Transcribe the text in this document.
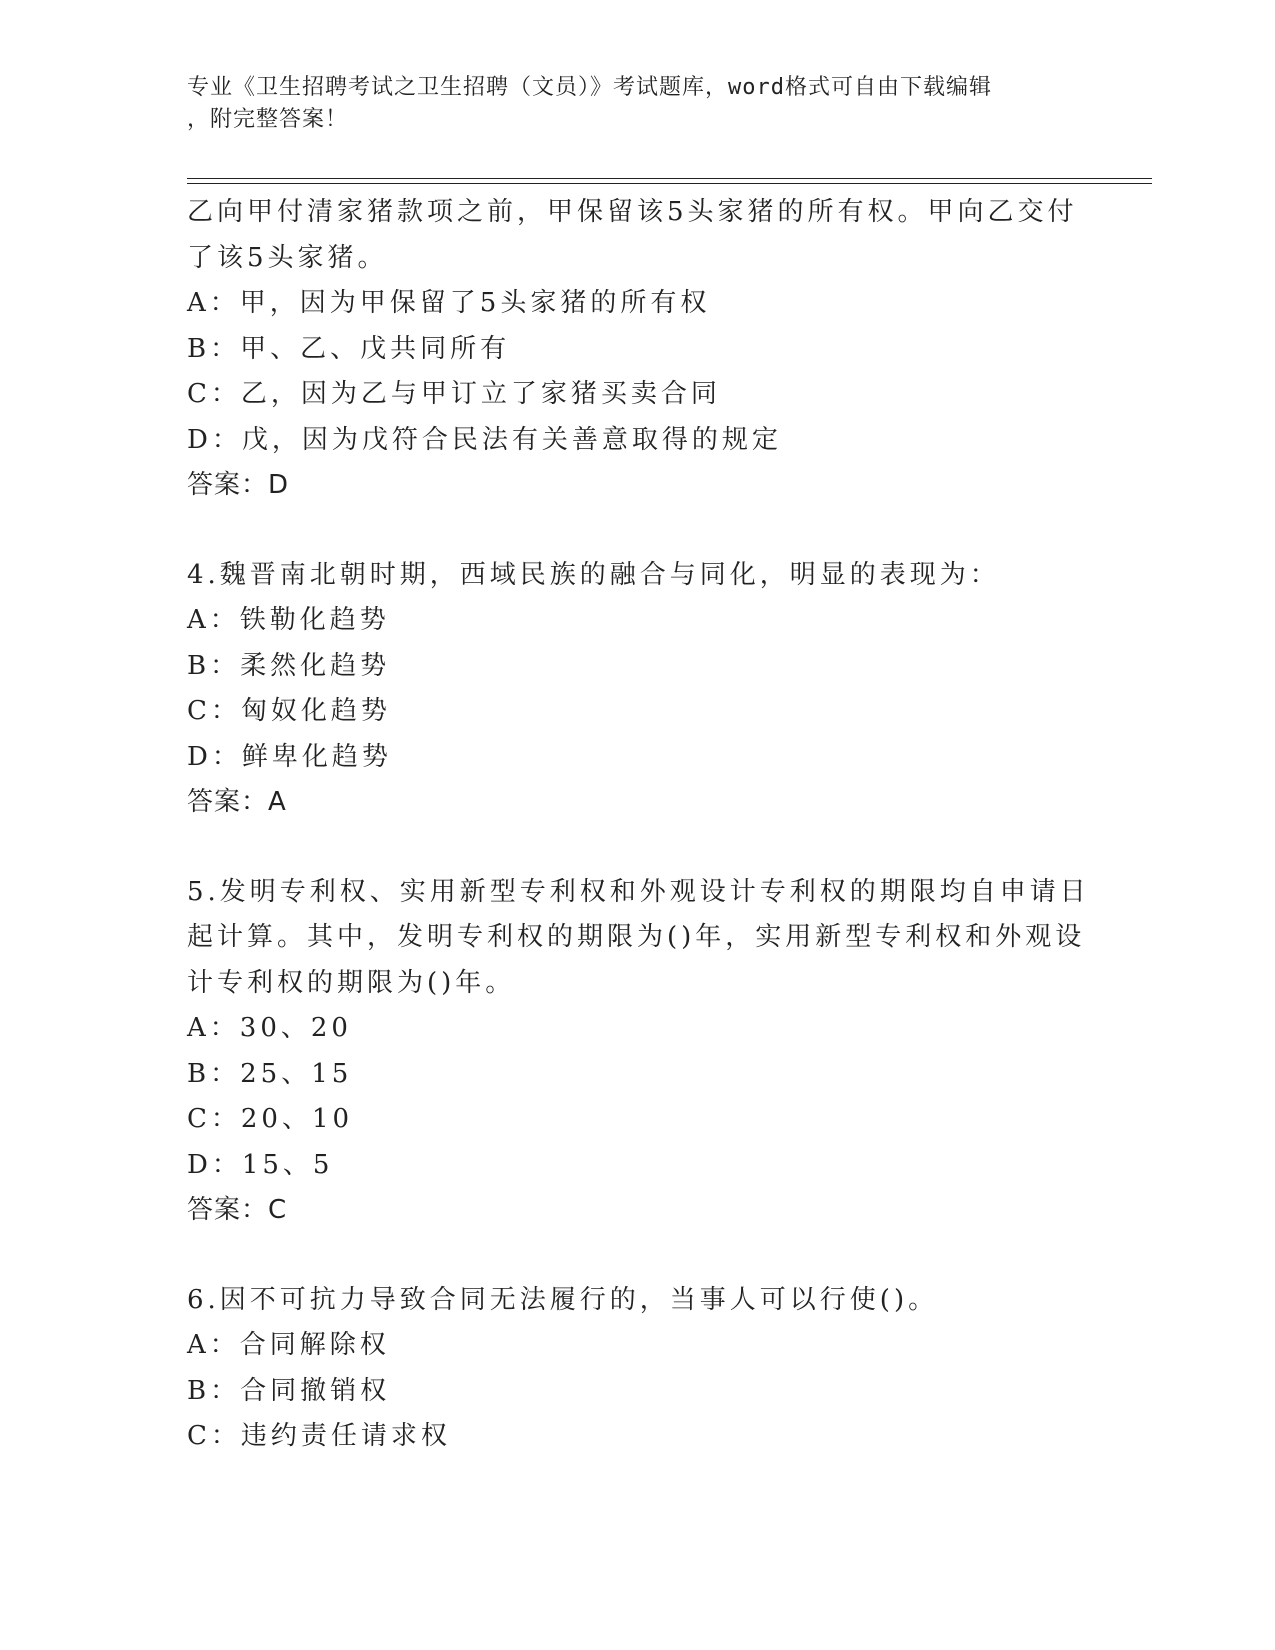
专业《卫生招聘考试之卫生招聘（文员）》考试题库，word格式可自由下载编辑
，附完整答案！
乙向甲付清家猪款项之前，甲保留该5头家猪的所有权。甲向乙交付
了该5头家猪。
A：甲，因为甲保留了5头家猪的所有权
B：甲、乙、戊共同所有
C：乙，因为乙与甲订立了家猪买卖合同
D：戊，因为戊符合民法有关善意取得的规定
答案：D
4.魏晋南北朝时期，西域民族的融合与同化，明显的表现为：
A：铁勒化趋势
B：柔然化趋势
C：匈奴化趋势
D：鲜卑化趋势
答案：A
5.发明专利权、实用新型专利权和外观设计专利权的期限均自申请日
起计算。其中，发明专利权的期限为()年，实用新型专利权和外观设
计专利权的期限为()年。
A：30、20
B：25、15
C：20、10
D：15、5
答案：C
6.因不可抗力导致合同无法履行的，当事人可以行使()。
A：合同解除权
B：合同撤销权
C：违约责任请求权
